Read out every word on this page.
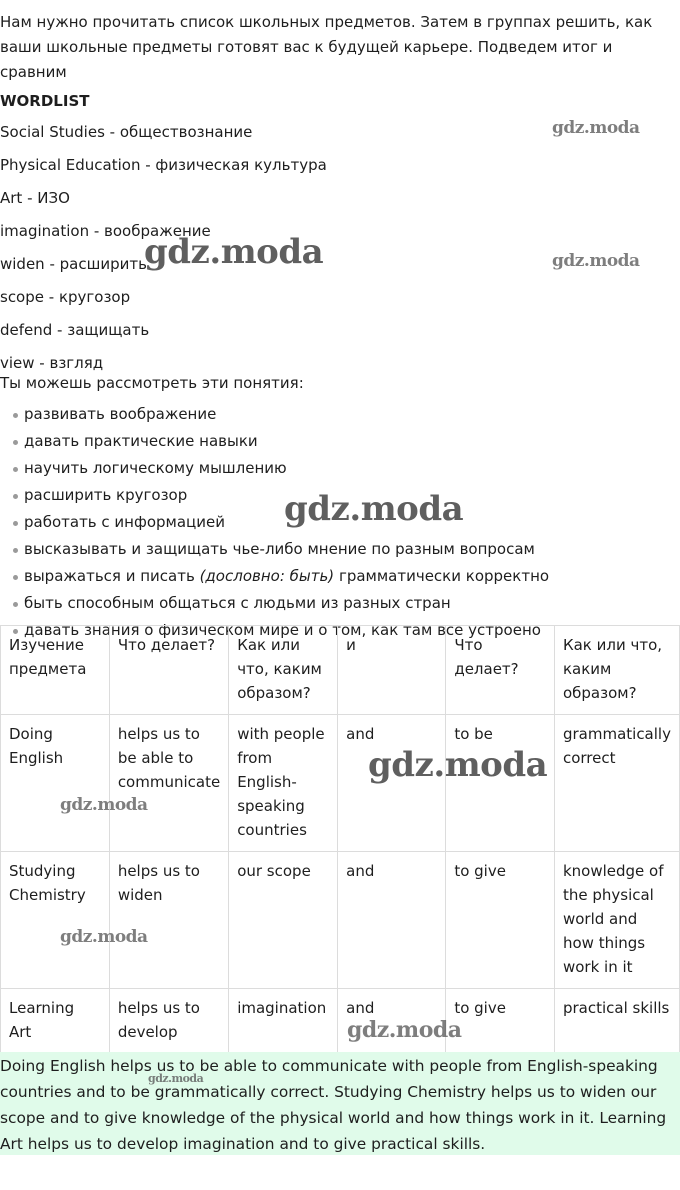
Нам нужно прочитать список школьных предметов. Затем в группах решить, как ваши школьные предметы готовят вас к будущей карьере. Подведем итог и сравним

WORDLIST

Social Studies - обществознание

Physical Education - физическая культура

Art - ИЗО

imagination - воображение

widen - расширить

scope - кругозор

defend - защищать

view - взгляд

Ты можешь рассмотреть эти понятия:

развивать воображение
давать практические навыки
научить логическому мышлению
расширить кругозор
работать с информацией
высказывать и защищать чье-либо мнение по разным вопросам
выражаться и писать (дословно: быть) грамматически корректно
быть способным общаться с людьми из разных стран
давать знания о физическом мире и о том, как там все устроено
Изучение предмета	Что делает?	Как или что, каким образом?	и	Что делает?	Как или что, каким образом?
Doing English	helps us to be able to communicate	with people from English-speaking countries	and	to be	grammatically correct
Studying Chemistry	helps us to widen	our scope	and	to give	knowledge of the physical world and how things work in it
Learning Art	helps us to develop	imagination	and	to give	practical skills
Doing English helps us to be able to communicate with people from English-speaking countries and to be grammatically correct. Studying Chemistry helps us to widen our scope and to give knowledge of the physical world and how things work in it. Learning Art helps us to develop imagination and to give practical skills.
gdz.moda
gdz.moda	gdz.moda
gdz.moda
gdz.moda
gdz.moda
gdz.moda
gdz.moda
gdz.moda
